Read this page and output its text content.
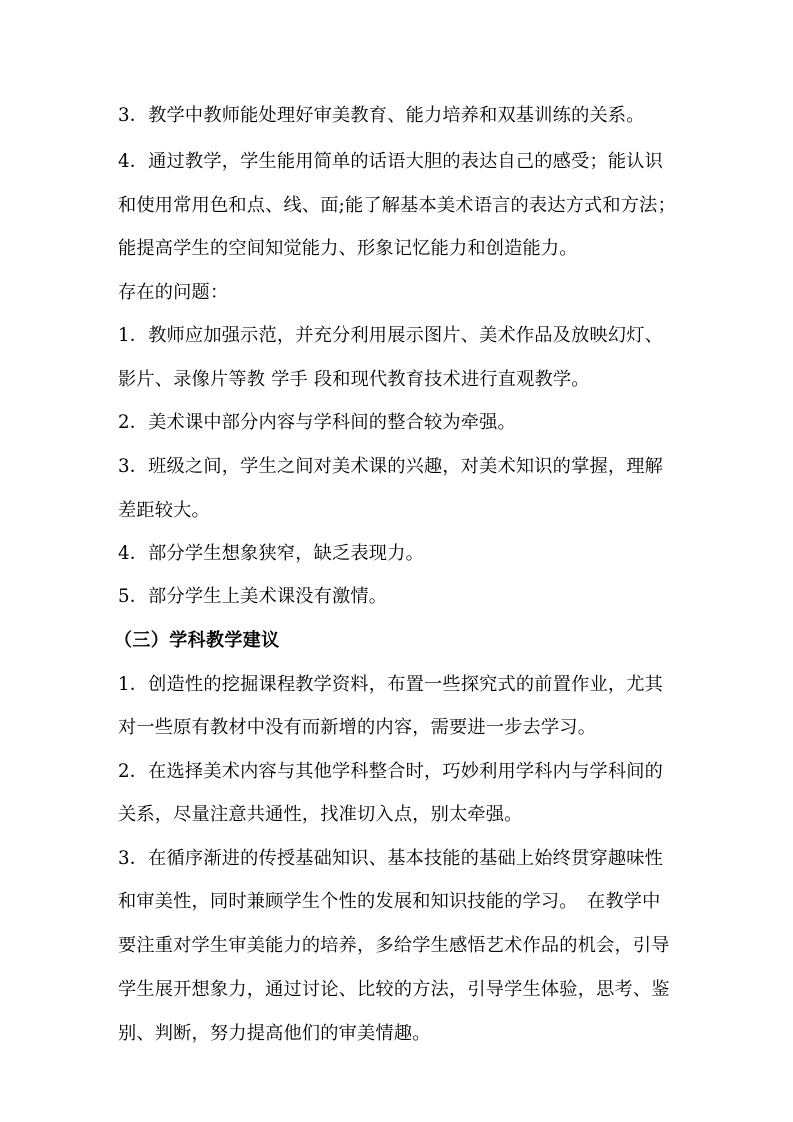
3．教学中教师能处理好审美教育、能力培养和双基训练的关系。
4．通过教学，学生能用简单的话语大胆的表达自己的感受；能认识
和使用常用色和点、线、面;能了解基本美术语言的表达方式和方法；
能提高学生的空间知觉能力、形象记忆能力和创造能力。
存在的问题：
1．教师应加强示范，并充分利用展示图片、美术作品及放映幻灯、
影片、录像片等教 学手 段和现代教育技术进行直观教学。
2．美术课中部分内容与学科间的整合较为牵强。
3．班级之间，学生之间对美术课的兴趣，对美术知识的掌握，理解
差距较大。
4．部分学生想象狭窄，缺乏表现力。
5．部分学生上美术课没有激情。
（三）学科教学建议
1．创造性的挖掘课程教学资料，布置一些探究式的前置作业，尤其
对一些原有教材中没有而新增的内容，需要进一步去学习。
2．在选择美术内容与其他学科整合时，巧妙利用学科内与学科间的
关系，尽量注意共通性，找准切入点，别太牵强。
3．在循序渐进的传授基础知识、基本技能的基础上始终贯穿趣味性
和审美性，同时兼顾学生个性的发展和知识技能的学习。　在教学中
要注重对学生审美能力的培养，多给学生感悟艺术作品的机会，引导
学生展开想象力，通过讨论、比较的方法，引导学生体验，思考、鉴
别、判断，努力提高他们的审美情趣。
